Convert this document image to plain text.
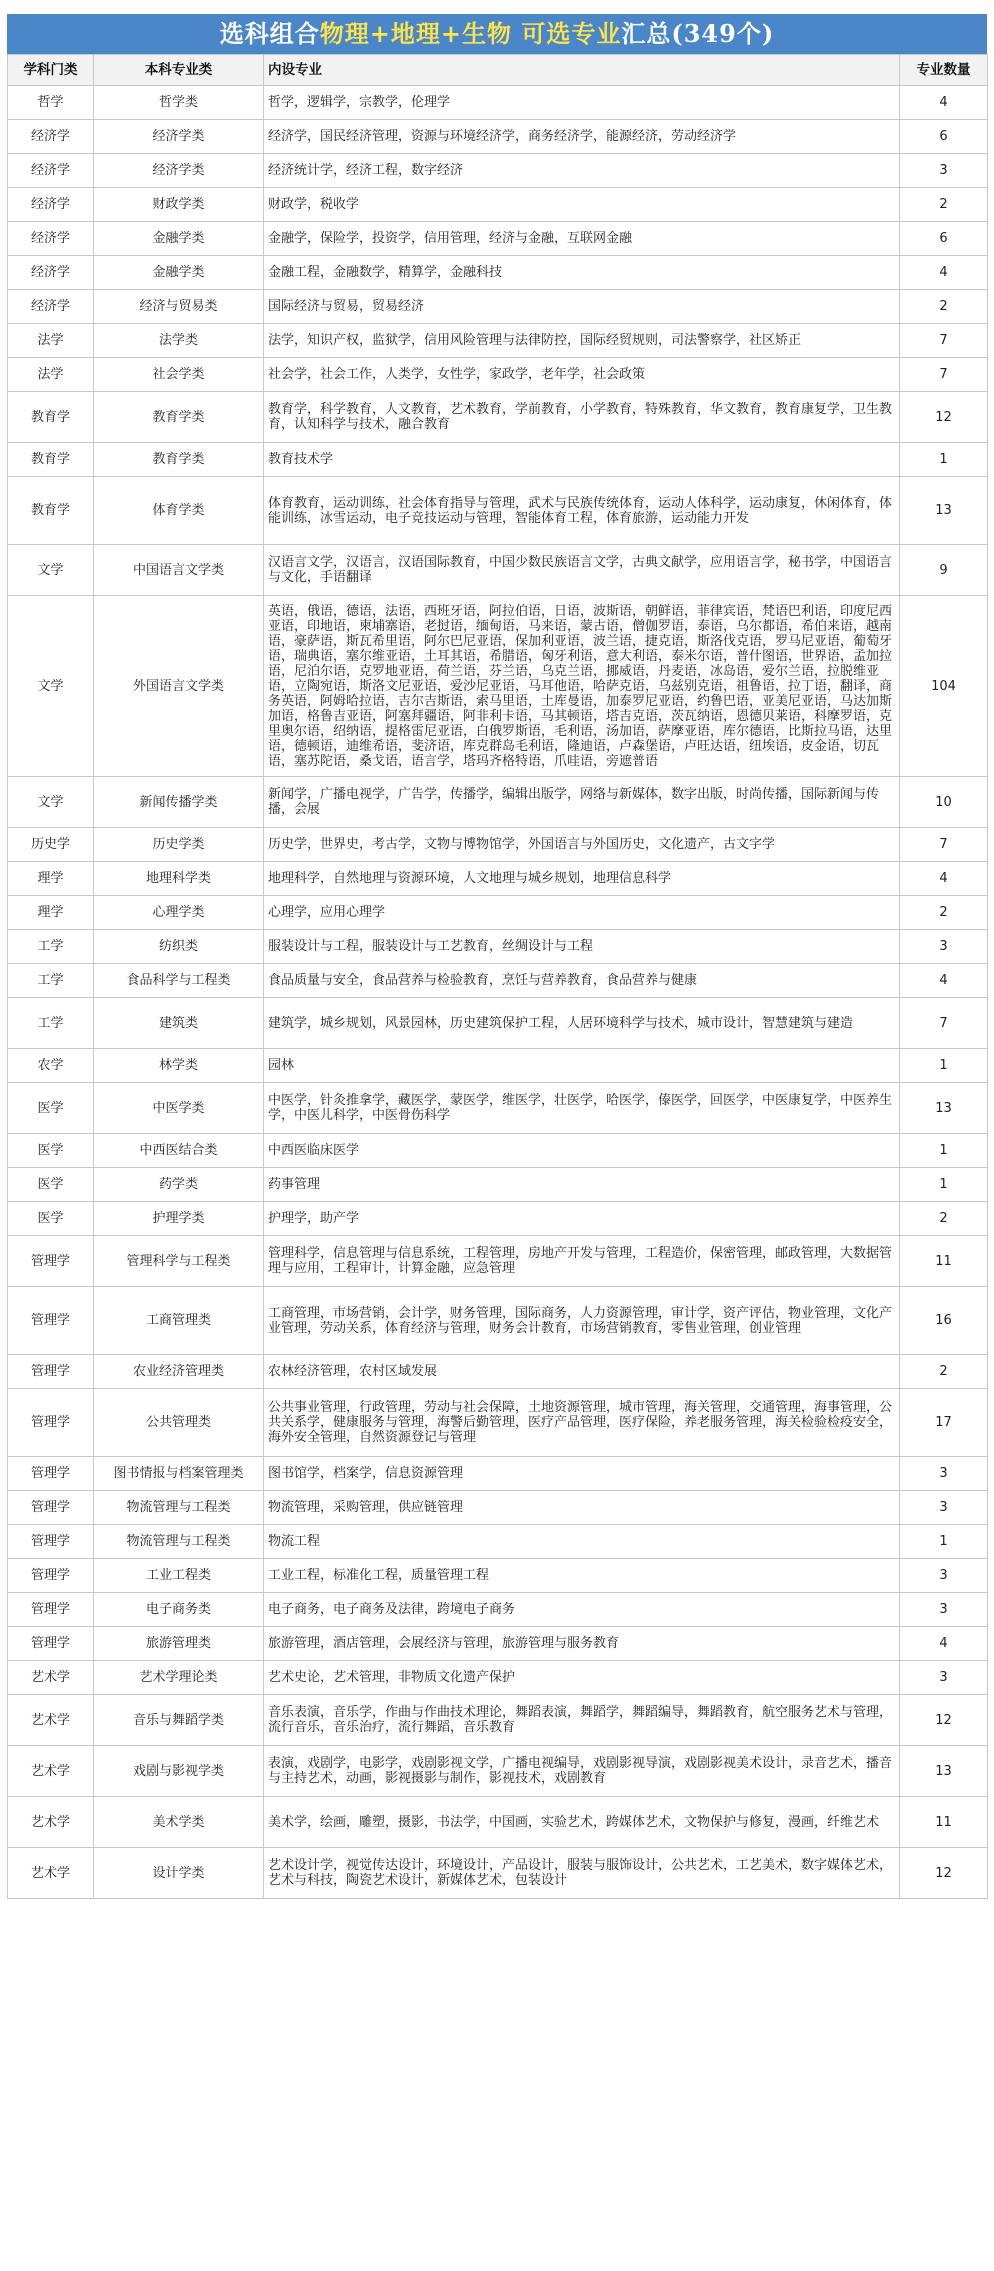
选科组合物理+地理+生物 可选专业汇总(349个)
学科门类	本科专业类	内设专业	专业数量
哲学	哲学类	哲学，逻辑学，宗教学，伦理学	4
经济学	经济学类	经济学，国民经济管理，资源与环境经济学，商务经济学，能源经济，劳动经济学	6
经济学	经济学类	经济统计学，经济工程，数字经济	3
经济学	财政学类	财政学，税收学	2
经济学	金融学类	金融学，保险学，投资学，信用管理，经济与金融，互联网金融	6
经济学	金融学类	金融工程，金融数学，精算学，金融科技	4
经济学	经济与贸易类	国际经济与贸易，贸易经济	2
法学	法学类	法学，知识产权，监狱学，信用风险管理与法律防控，国际经贸规则，司法警察学，社区矫正	7
法学	社会学类	社会学，社会工作，人类学，女性学，家政学，老年学，社会政策	7
教育学	教育学类	教育学，科学教育，人文教育，艺术教育，学前教育，小学教育，特殊教育，华文教育，教育康复学，卫生教育，认知科学与技术，融合教育	12
教育学	教育学类	教育技术学	1
教育学	体育学类	体育教育，运动训练，社会体育指导与管理，武术与民族传统体育，运动人体科学，运动康复，休闲体育，体能训练，冰雪运动，电子竞技运动与管理，智能体育工程，体育旅游，运动能力开发	13
文学	中国语言文学类	汉语言文学，汉语言，汉语国际教育，中国少数民族语言文学，古典文献学，应用语言学，秘书学，中国语言与文化，手语翻译	9
文学	外国语言文学类	英语，俄语，德语，法语，西班牙语，阿拉伯语，日语，波斯语，朝鲜语，菲律宾语，梵语巴利语，印度尼西亚语，印地语，柬埔寨语，老挝语，缅甸语，马来语，蒙古语，僧伽罗语，泰语，乌尔都语，希伯来语，越南语，豪萨语，斯瓦希里语，阿尔巴尼亚语，保加利亚语，波兰语，捷克语，斯洛伐克语，罗马尼亚语，葡萄牙语，瑞典语，塞尔维亚语，土耳其语，希腊语，匈牙利语，意大利语，泰米尔语，普什图语，世界语，孟加拉语，尼泊尔语，克罗地亚语，荷兰语，芬兰语，乌克兰语，挪威语，丹麦语，冰岛语，爱尔兰语，拉脱维亚语，立陶宛语，斯洛文尼亚语，爱沙尼亚语，马耳他语，哈萨克语，乌兹别克语，祖鲁语，拉丁语，翻译，商务英语，阿姆哈拉语，吉尔吉斯语，索马里语，土库曼语，加泰罗尼亚语，约鲁巴语，亚美尼亚语，马达加斯加语，格鲁吉亚语，阿塞拜疆语，阿非利卡语，马其顿语，塔吉克语，茨瓦纳语，恩德贝莱语，科摩罗语，克里奥尔语，绍纳语，提格雷尼亚语，白俄罗斯语，毛利语，汤加语，萨摩亚语，库尔德语，比斯拉马语，达里语，德顿语，迪维希语，斐济语，库克群岛毛利语，隆迪语，卢森堡语，卢旺达语，纽埃语，皮金语，切瓦语，塞苏陀语，桑戈语，语言学，塔玛齐格特语，爪哇语，旁遮普语	104
文学	新闻传播学类	新闻学，广播电视学，广告学，传播学，编辑出版学，网络与新媒体，数字出版，时尚传播，国际新闻与传播，会展	10
历史学	历史学类	历史学，世界史，考古学，文物与博物馆学，外国语言与外国历史，文化遗产，古文字学	7
理学	地理科学类	地理科学，自然地理与资源环境，人文地理与城乡规划，地理信息科学	4
理学	心理学类	心理学，应用心理学	2
工学	纺织类	服装设计与工程，服装设计与工艺教育，丝绸设计与工程	3
工学	食品科学与工程类	食品质量与安全，食品营养与检验教育，烹饪与营养教育，食品营养与健康	4
工学	建筑类	建筑学，城乡规划，风景园林，历史建筑保护工程，人居环境科学与技术，城市设计，智慧建筑与建造	7
农学	林学类	园林	1
医学	中医学类	中医学，针灸推拿学，藏医学，蒙医学，维医学，壮医学，哈医学，傣医学，回医学，中医康复学，中医养生学，中医儿科学，中医骨伤科学	13
医学	中西医结合类	中西医临床医学	1
医学	药学类	药事管理	1
医学	护理学类	护理学，助产学	2
管理学	管理科学与工程类	管理科学，信息管理与信息系统，工程管理，房地产开发与管理，工程造价，保密管理，邮政管理，大数据管理与应用，工程审计，计算金融，应急管理	11
管理学	工商管理类	工商管理，市场营销，会计学，财务管理，国际商务，人力资源管理，审计学，资产评估，物业管理，文化产业管理，劳动关系，体育经济与管理，财务会计教育，市场营销教育，零售业管理，创业管理	16
管理学	农业经济管理类	农林经济管理，农村区域发展	2
管理学	公共管理类	公共事业管理，行政管理，劳动与社会保障，土地资源管理，城市管理，海关管理，交通管理，海事管理，公共关系学，健康服务与管理，海警后勤管理，医疗产品管理，医疗保险，养老服务管理，海关检验检疫安全，海外安全管理，自然资源登记与管理	17
管理学	图书情报与档案管理类	图书馆学，档案学，信息资源管理	3
管理学	物流管理与工程类	物流管理，采购管理，供应链管理	3
管理学	物流管理与工程类	物流工程	1
管理学	工业工程类	工业工程，标准化工程，质量管理工程	3
管理学	电子商务类	电子商务，电子商务及法律，跨境电子商务	3
管理学	旅游管理类	旅游管理，酒店管理，会展经济与管理，旅游管理与服务教育	4
艺术学	艺术学理论类	艺术史论，艺术管理，非物质文化遗产保护	3
艺术学	音乐与舞蹈学类	音乐表演，音乐学，作曲与作曲技术理论，舞蹈表演，舞蹈学，舞蹈编导，舞蹈教育，航空服务艺术与管理，流行音乐，音乐治疗，流行舞蹈，音乐教育	12
艺术学	戏剧与影视学类	表演，戏剧学，电影学，戏剧影视文学，广播电视编导，戏剧影视导演，戏剧影视美术设计，录音艺术，播音与主持艺术，动画，影视摄影与制作，影视技术，戏剧教育	13
艺术学	美术学类	美术学，绘画，雕塑，摄影，书法学，中国画，实验艺术，跨媒体艺术，文物保护与修复，漫画，纤维艺术	11
艺术学	设计学类	艺术设计学，视觉传达设计，环境设计，产品设计，服装与服饰设计，公共艺术，工艺美术，数字媒体艺术，艺术与科技，陶瓷艺术设计，新媒体艺术，包装设计	12
